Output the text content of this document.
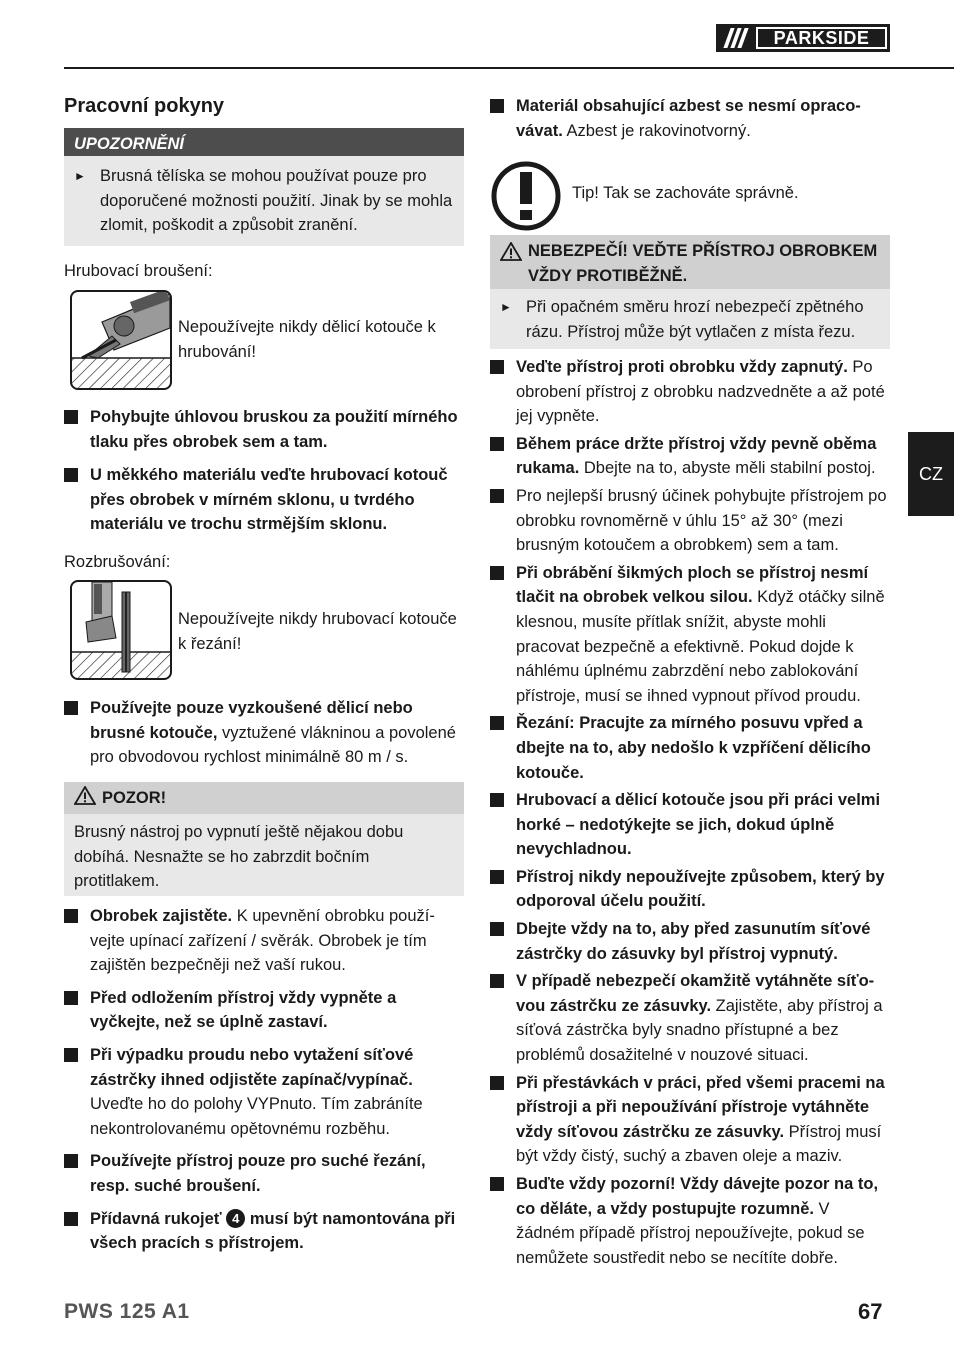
PARKSIDE
Pracovní pokyny
UPOZORNĚNÍ
► Brusná tělíska se mohou používat pouze pro doporučené možnosti použití. Jinak by se mohla zlomit, poškodit a způsobit zranění.
Hrubovací broušení:
Nepoužívejte nikdy dělicí kotouče k hrubování!
Pohybujte úhlovou bruskou za použití mírného tlaku přes obrobek sem a tam.
U měkkého materiálu veďte hrubovací kotouč přes obrobek v mírném sklonu, u tvrdého materiálu ve trochu strmějším sklonu.
Rozbrušování:
Nepoužívejte nikdy hrubovací kotouče k řezání!
Používejte pouze vyzkoušené dělicí nebo brusné kotouče, vyztužené vlákninou a povolené pro obvodovou rychlost minimálně 80 m / s.
POZOR!
Brusný nástroj po vypnutí ještě nějakou dobu dobíhá. Nesnažte se ho zabrzdit bočním protitlakem.
Obrobek zajistěte. K upevnění obrobku použí-vejte upínací zařízení / svěrák. Obrobek je tím zajištěn bezpečněji než vaší rukou.
Před odložením přístroj vždy vypněte a vyčkejte, než se úplně zastaví.
Při výpadku proudu nebo vytažení síťové zástrčky ihned odjistěte zapínač/vypínač. Uveďte ho do polohy VYPnuto. Tím zabráníte nekontrolovanému opětovnému rozběhu.
Používejte přístroj pouze pro suché řezání, resp. suché broušení.
Přídavná rukojeť 4 musí být namontována při všech pracích s přístrojem.
Materiál obsahující azbest se nesmí opraco-vávat. Azbest je rakovinotvorný.
Tip! Tak se zachováte správně.
NEBEZPEČÍ! VEĎTE PŘÍSTROJ OBROBKEM VŽDY PROTIBĚŽNĚ.
► Při opačném směru hrozí nebezpečí zpětného rázu. Přístroj může být vytlačen z místa řezu.
Veďte přístroj proti obrobku vždy zapnutý. Po obrobení přístroj z obrobku nadzvedněte a až poté jej vypněte.
Během práce držte přístroj vždy pevně oběma rukama. Dbejte na to, abyste měli stabilní postoj.
Pro nejlepší brusný účinek pohybujte přístrojem po obrobku rovnoměrně v úhlu 15° až 30° (mezi brusným kotoučem a obrobkem) sem a tam.
Při obrábění šikmých ploch se přístroj nesmí tlačit na obrobek velkou silou. Když otáčky silně klesnou, musíte přítlak snížit, abyste mohli pracovat bezpečně a efektivně. Pokud dojde k náhlému úplnému zabrzdění nebo zablokování přístroje, musí se ihned vypnout přívod proudu.
Řezání: Pracujte za mírného posuvu vpřed a dbejte na to, aby nedošlo k vzpříčení dělicího kotouče.
Hrubovací a dělicí kotouče jsou při práci velmi horké – nedotýkejte se jich, dokud úplně nevychladnou.
Přístroj nikdy nepoužívejte způsobem, který by odporoval účelu použití.
Dbejte vždy na to, aby před zasunutím síťové zástrčky do zásuvky byl přístroj vypnutý.
V případě nebezpečí okamžitě vytáhněte síťo-vou zástrčku ze zásuvky. Zajistěte, aby přístroj a síťová zástrčka byly snadno přístupné a bez problémů dosažitelné v nouzové situaci.
Při přestávkách v práci, před všemi pracemi na přístroji a při nepoužívání přístroje vytáhněte vždy síťovou zástrčku ze zásuvky. Přístroj musí být vždy čistý, suchý a zbaven oleje a maziv.
Buďte vždy pozorní! Vždy dávejte pozor na to, co děláte, a vždy postupujte rozumně. V žádném případě přístroj nepoužívejte, pokud se nemůžete soustředit nebo se necítíte dobře.
CZ
PWS 125 A1	67
